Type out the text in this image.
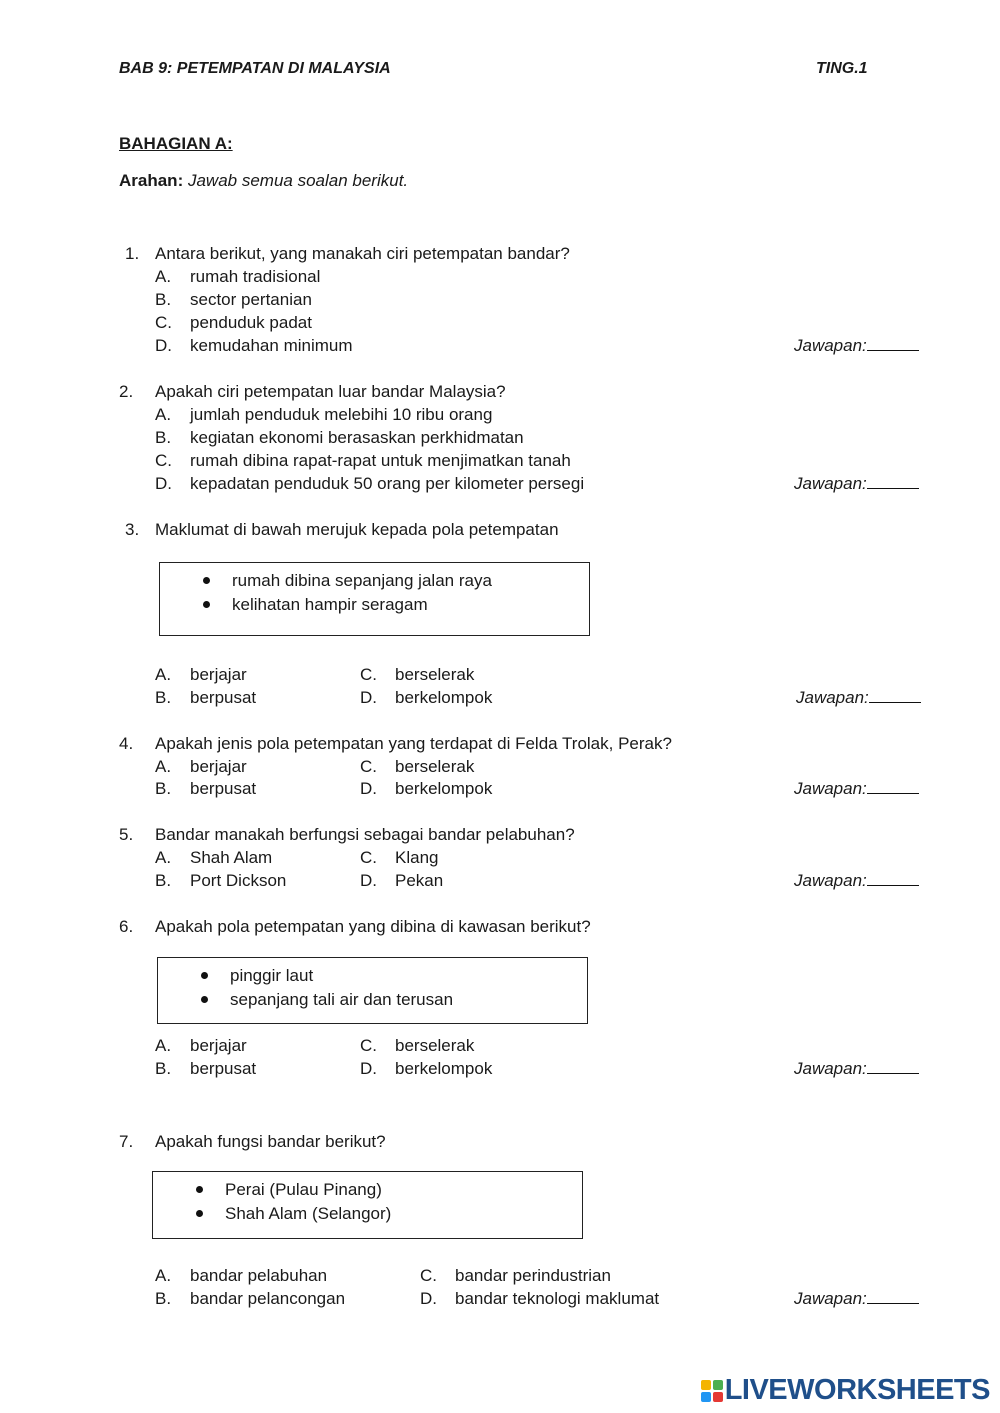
BAB 9: PETEMPATAN DI MALAYSIA	TING.1
BAHAGIAN A:
Arahan: Jawab semua soalan berikut.
1. Antara berikut, yang manakah ciri petempatan bandar?
A. rumah tradisional
B. sector pertanian
C. penduduk padat
D. kemudahan minimum	Jawapan:
2. Apakah ciri petempatan luar bandar Malaysia?
A. jumlah penduduk melebihi 10 ribu orang
B. kegiatan ekonomi berasaskan perkhidmatan
C. rumah dibina rapat-rapat untuk menjimatkan tanah
D. kepadatan penduduk 50 orang per kilometer persegi	Jawapan:
3. Maklumat di bawah merujuk kepada pola petempatan
rumah dibina sepanjang jalan raya
kelihatan hampir seragam
A. berjajar
B. berpusat
C. berselerak
D. berkelompok	Jawapan:
4. Apakah jenis pola petempatan yang terdapat di Felda Trolak, Perak?
A. berjajar
B. berpusat
C. berselerak
D. berkelompok	Jawapan:
5. Bandar manakah berfungsi sebagai bandar pelabuhan?
A. Shah Alam
B. Port Dickson
C. Klang
D. Pekan	Jawapan:
6. Apakah pola petempatan yang dibina di kawasan berikut?
pinggir laut
sepanjang tali air dan terusan
A. berjajar
B. berpusat
C. berselerak
D. berkelompok	Jawapan:
7. Apakah fungsi bandar berikut?
Perai (Pulau Pinang)
Shah Alam (Selangor)
A. bandar pelabuhan
B. bandar pelancongan
C. bandar perindustrian
D. bandar teknologi maklumat	Jawapan:
LIVEWORKSHEETS
